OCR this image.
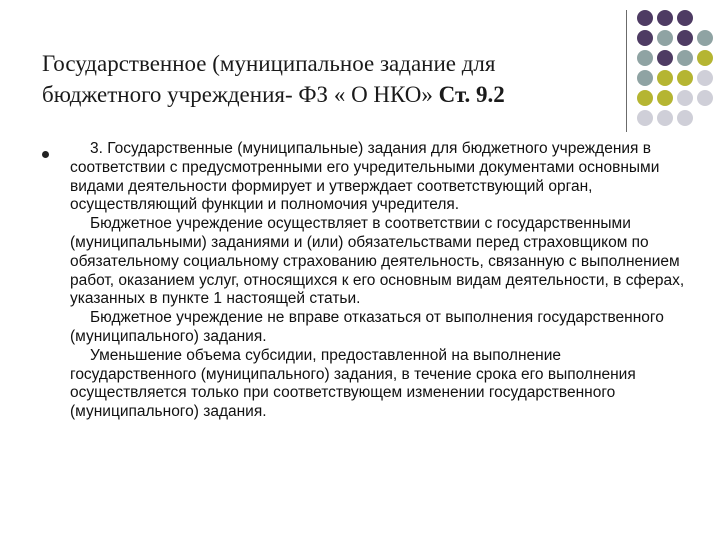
Государственное (муниципальное задание для бюджетного учреждения- ФЗ « О НКО» Ст. 9.2

3. Государственные (муниципальные) задания для бюджетного учреждения в соответствии с предусмотренными его учредительными документами основными видами деятельности формирует и утверждает соответствующий орган, осуществляющий функции и полномочия учредителя.

Бюджетное учреждение осуществляет в соответствии с государственными (муниципальными) заданиями и (или) обязательствами перед страховщиком по обязательному социальному страхованию деятельность, связанную с выполнением работ, оказанием услуг, относящихся к его основным видам деятельности, в сферах, указанных в пункте 1 настоящей статьи.

Бюджетное учреждение не вправе отказаться от выполнения государственного (муниципального) задания.

Уменьшение объема субсидии, предоставленной на выполнение государственного (муниципального) задания, в течение срока его выполнения осуществляется только при соответствующем изменении государственного (муниципального) задания.
